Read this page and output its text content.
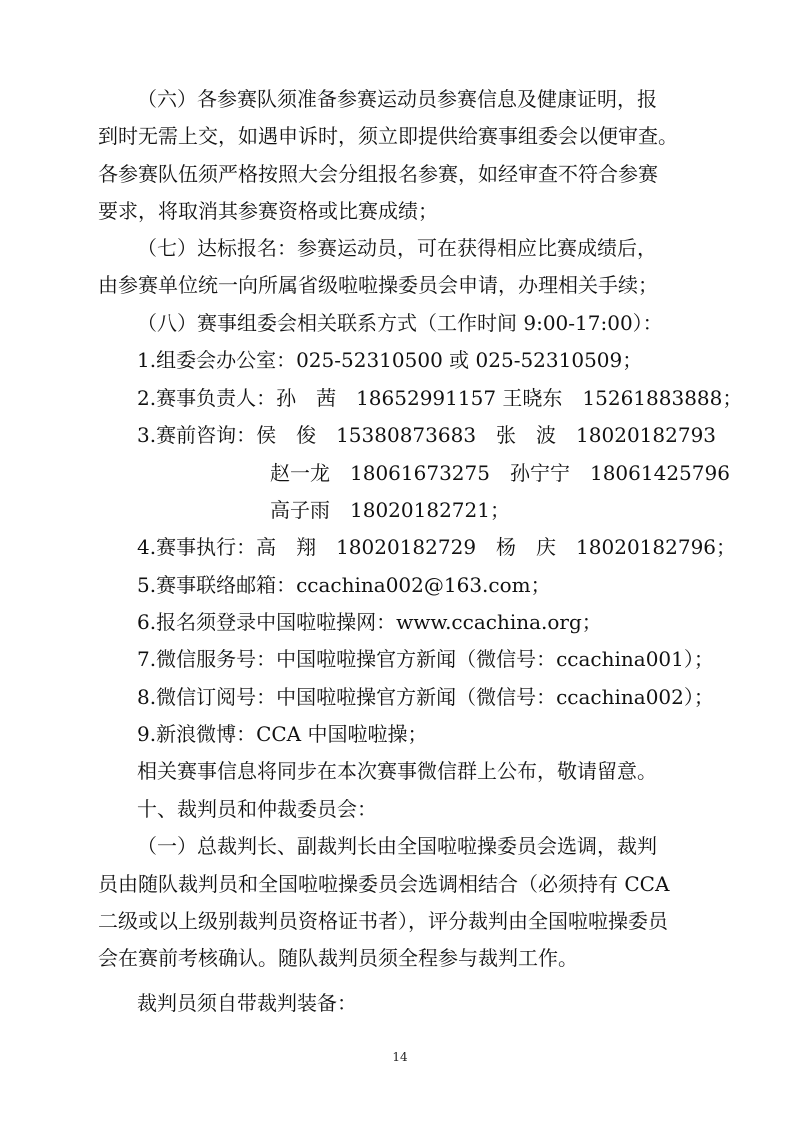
（六）各参赛队须准备参赛运动员参赛信息及健康证明，报
到时无需上交，如遇申诉时，须立即提供给赛事组委会以便审查。
各参赛队伍须严格按照大会分组报名参赛，如经审查不符合参赛
要求，将取消其参赛资格或比赛成绩；
（七）达标报名：参赛运动员，可在获得相应比赛成绩后，
由参赛单位统一向所属省级啦啦操委员会申请，办理相关手续；
（八）赛事组委会相关联系方式（工作时间 9:00-17:00）：
1.组委会办公室：025-52310500 或 025-52310509；
2.赛事负责人：孙　茜　18652991157 王晓东　15261883888；
3.赛前咨询：侯　俊　15380873683　张　波　18020182793
赵一龙　18061673275　孙宁宁　18061425796
高子雨　18020182721；
4.赛事执行：高　翔　18020182729　杨　庆　18020182796；
5.赛事联络邮箱：ccachina002@163.com；
6.报名须登录中国啦啦操网：www.ccachina.org；
7.微信服务号：中国啦啦操官方新闻（微信号：ccachina001）；
8.微信订阅号：中国啦啦操官方新闻（微信号：ccachina002）；
9.新浪微博：CCA 中国啦啦操；
相关赛事信息将同步在本次赛事微信群上公布，敬请留意。
十、裁判员和仲裁委员会：
（一）总裁判长、副裁判长由全国啦啦操委员会选调，裁判
员由随队裁判员和全国啦啦操委员会选调相结合（必须持有 CCA
二级或以上级别裁判员资格证书者），评分裁判由全国啦啦操委员
会在赛前考核确认。随队裁判员须全程参与裁判工作。
裁判员须自带裁判装备：
14
